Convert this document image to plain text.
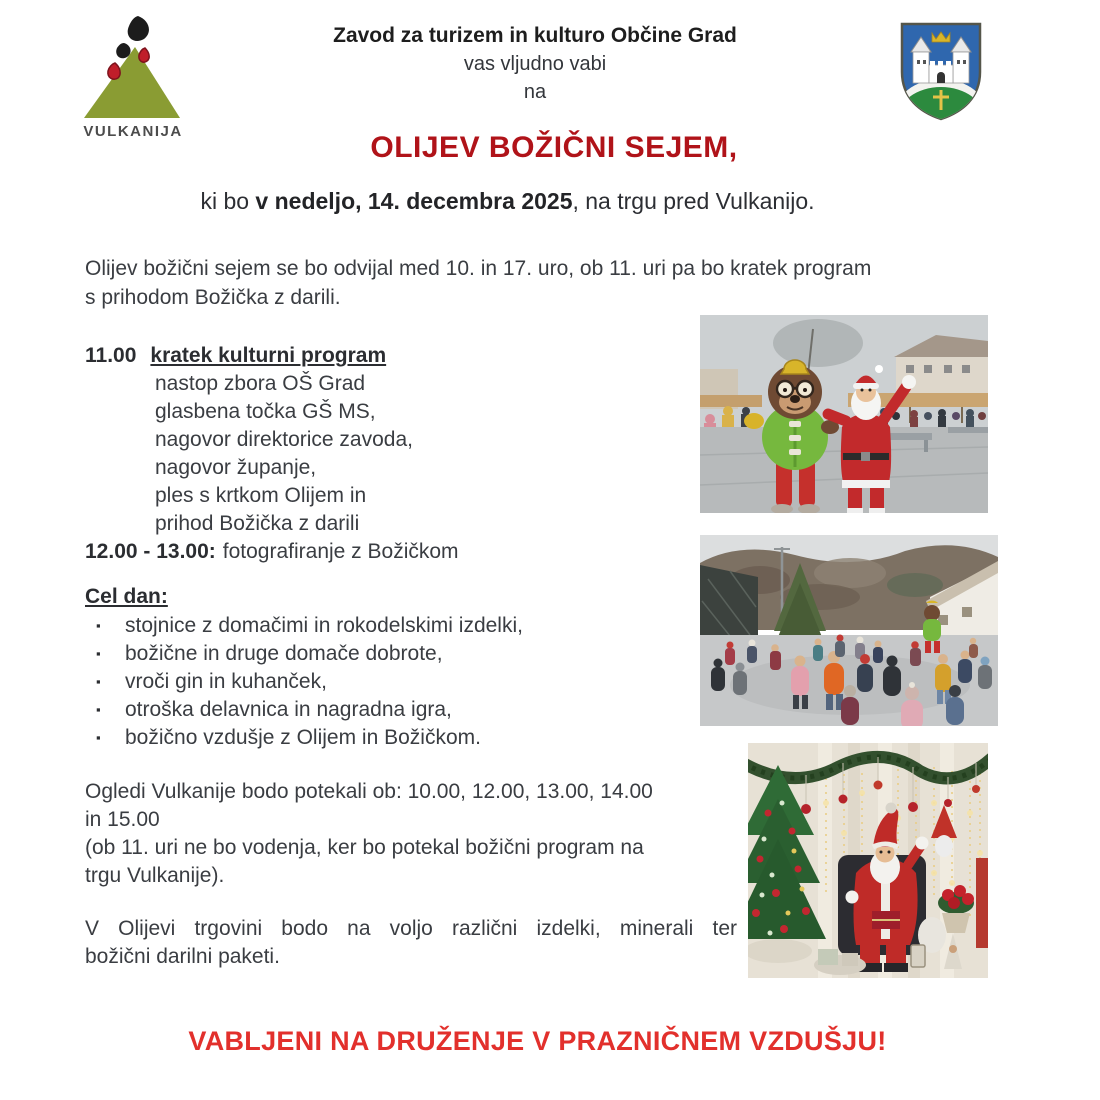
VULKANIJA
Zavod za turizem in kulturo Občine Grad
vas vljudno vabi
na
OLIJEV BOŽIČNI SEJEM,
ki bo v nedeljo, 14. decembra 2025, na trgu pred Vulkanijo.
Olijev božični sejem se bo odvijal med 10. in 17. uro, ob 11. uri pa bo kratek program
s prihodom Božička z darili.
11.00 kratek kulturni program
nastop zbora OŠ Grad
glasbena točka GŠ MS,
nagovor direktorice zavoda,
nagovor županje,
ples s krtkom Olijem in
prihod Božička z darili
12.00 - 13.00: fotografiranje z Božičkom
Cel dan:
▪	stojnice z domačimi in rokodelskimi izdelki,
▪	božične in druge domače dobrote,
▪	vroči gin in kuhanček,
▪	otroška delavnica in nagradna igra,
▪	božično vzdušje z Olijem in Božičkom.
Ogledi Vulkanije bodo potekali ob: 10.00, 12.00, 13.00, 14.00
in 15.00
(ob 11. uri ne bo vodenja, ker bo potekal božični program na
trgu Vulkanije).
V Olijevi trgovini bodo na voljo različni izdelki, minerali ter
božični darilni paketi.
VABLJENI NA DRUŽENJE V PRAZNIČNEM VZDUŠJU!
